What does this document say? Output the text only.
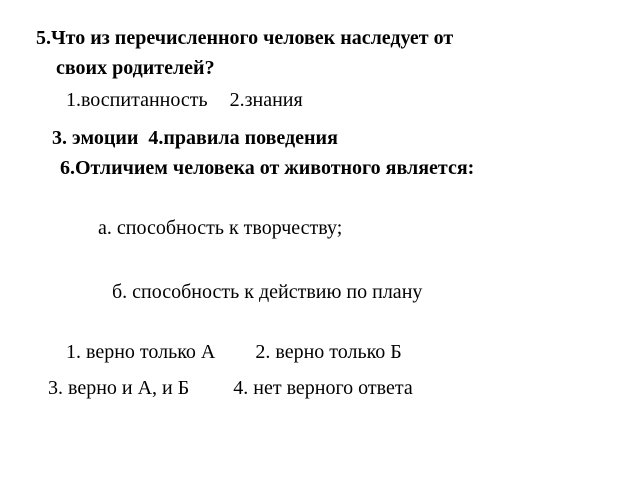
5.Что из перечисленного человек наследует от
своих родителей?
1.воспитанность 2.знания
3. эмоции 4.правила поведения
6.Отличием человека от животного является:
а. способность к творчеству;
б. способность к действию по плану
1. верно только А 2. верно только Б
3. верно и А, и Б 4. нет верного ответа
